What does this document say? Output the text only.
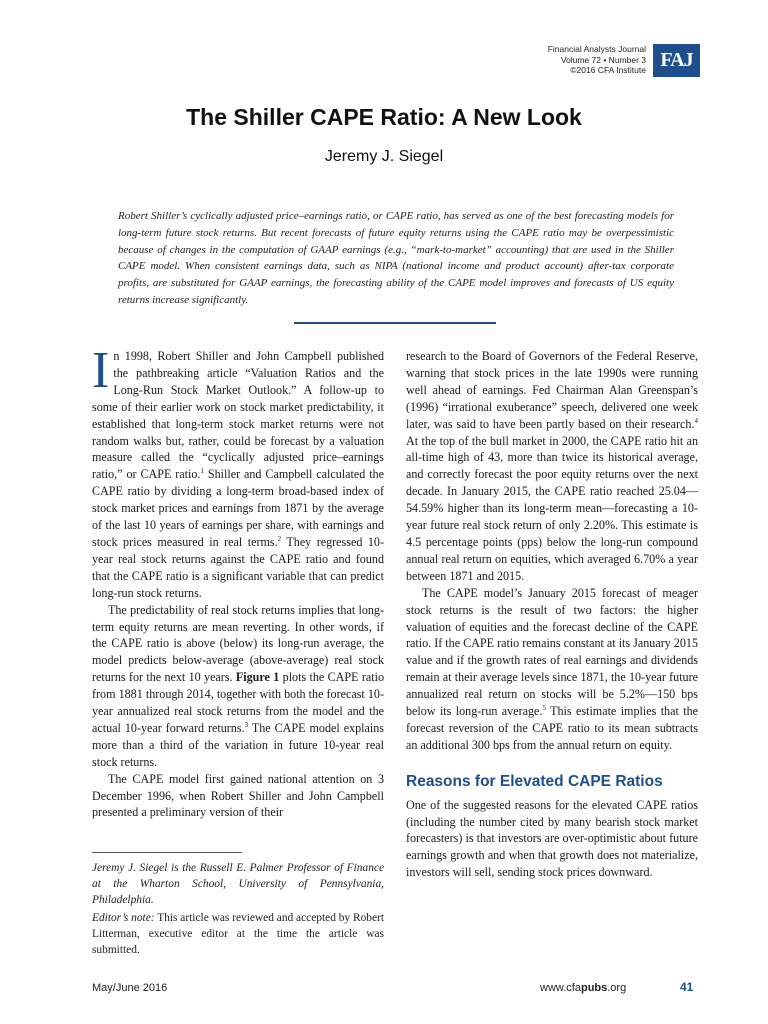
Financial Analysts Journal
Volume 72 • Number 3
©2016 CFA Institute FAJ
The Shiller CAPE Ratio: A New Look
Jeremy J. Siegel

Robert Shiller’s cyclically adjusted price–earnings ratio, or CAPE ratio, has served as one of the best forecasting models for long-term future stock returns. But recent forecasts of future equity returns using the CAPE ratio may be overpessimistic because of changes in the computation of GAAP earnings (e.g., “mark-to-market” accounting) that are used in the Shiller CAPE model. When consistent earnings data, such as NIPA (national income and product account) after-tax corporate profits, are substituted for GAAP earnings, the forecasting ability of the CAPE model improves and forecasts of US equity returns increase significantly.

In 1998, Robert Shiller and John Campbell published the pathbreaking article “Valuation Ratios and the Long-Run Stock Market Outlook.” A follow-up to some of their earlier work on stock market predictability, it established that long-term stock market returns were not random walks but, rather, could be forecast by a valuation measure called the “cyclically adjusted price–earnings ratio,” or CAPE ratio.$^1$ Shiller and Campbell calculated the CAPE ratio by dividing a long-term broad-based index of stock market prices and earnings from 1871 by the average of the last 10 years of earnings per share, with earnings and stock prices measured in real terms.$^2$ They regressed 10-year real stock returns against the CAPE ratio and found that the CAPE ratio is a significant variable that can predict long-run stock returns.

The predictability of real stock returns implies that long-term equity returns are mean reverting. In other words, if the CAPE ratio is above (below) its long-run average, the model predicts below-average (above-average) real stock returns for the next 10 years. Figure 1 plots the CAPE ratio from 1881 through 2014, together with both the forecast 10-year annualized real stock returns from the model and the actual 10-year forward returns.$^3$ The CAPE model explains more than a third of the variation in future 10-year real stock returns.

The CAPE model first gained national attention on 3 December 1996, when Robert Shiller and John Campbell presented a preliminary version of their

Jeremy J. Siegel is the Russell E. Palmer Professor of Finance at the Wharton School, University of Pennsylvania, Philadelphia.

Editor’s note: This article was reviewed and accepted by Robert Litterman, executive editor at the time the article was submitted.

research to the Board of Governors of the Federal Reserve, warning that stock prices in the late 1990s were running well ahead of earnings. Fed Chairman Alan Greenspan’s (1996) “irrational exuberance” speech, delivered one week later, was said to have been partly based on their research.$^4$ At the top of the bull market in 2000, the CAPE ratio hit an all-time high of 43, more than twice its historical average, and correctly forecast the poor equity returns over the next decade. In January 2015, the CAPE ratio reached 25.04—54.59% higher than its long-term mean—forecasting a 10-year future real stock return of only 2.20%. This estimate is 4.5 percentage points (pps) below the long-run compound annual real return on equities, which averaged 6.70% a year between 1871 and 2015.

The CAPE model’s January 2015 forecast of meager stock returns is the result of two factors: the higher valuation of equities and the forecast decline of the CAPE ratio. If the CAPE ratio remains constant at its January 2015 value and if the growth rates of real earnings and dividends remain at their average levels since 1871, the 10-year future annualized real return on stocks will be 5.2%—150 bps below its long-run average.$^5$ This estimate implies that the forecast reversion of the CAPE ratio to its mean subtracts an additional 300 bps from the annual return on equity.

Reasons for Elevated CAPE Ratios

One of the suggested reasons for the elevated CAPE ratios (including the number cited by many bearish stock market forecasters) is that investors are over-optimistic about future earnings growth and when that growth does not materialize, investors will sell, sending stock prices downward.

May/June 2016	www.cfapubs.org	41
